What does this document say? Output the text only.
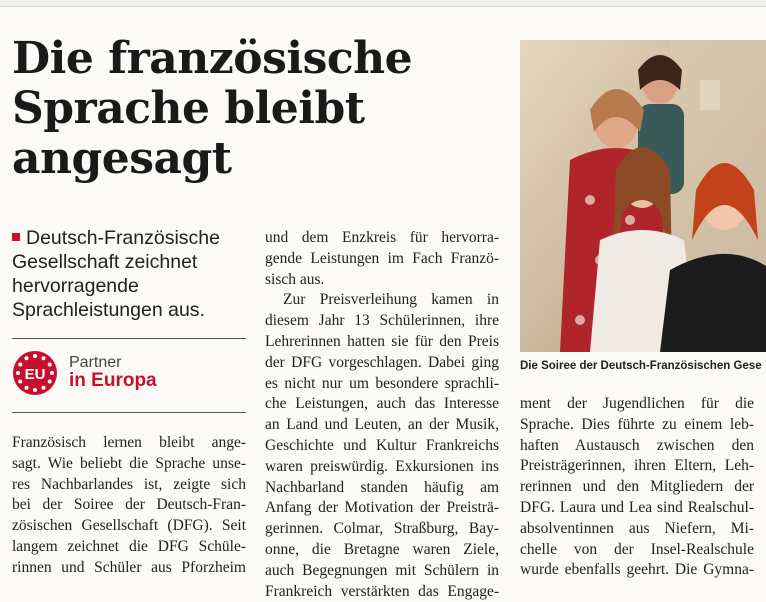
Die französische
Sprache bleibt
angesagt

Deutsch-Französische
Gesellschaft zeichnet
hervorragende
Sprachleistungen aus.

EU
Partner
in Europa
Französisch lernen bleibt ange-
sagt. Wie beliebt die Sprache unse-
res Nachbarlandes ist, zeigte sich
bei der Soiree der Deutsch-Fran-
zösischen Gesellschaft (DFG). Seit
langem zeichnet die DFG Schüle-
rinnen und Schüler aus Pforzheim
und dem Enzkreis für hervorra-
gende Leistungen im Fach Franzö-
sisch aus.
Zur Preisverleihung kamen in
diesem Jahr 13 Schülerinnen, ihre
Lehrerinnen hatten sie für den Preis
der DFG vorgeschlagen. Dabei ging
es nicht nur um besondere sprachli-
che Leistungen, auch das Interesse
an Land und Leuten, an der Musik,
Geschichte und Kultur Frankreichs
waren preiswürdig. Exkursionen ins
Nachbarland standen häufig am
Anfang der Motivation der Preisträ-
gerinnen. Colmar, Straßburg, Bay-
onne, die Bretagne waren Ziele,
auch Begegnungen mit Schülern in
Frankreich verstärkten das Engage-
Die Soiree der Deutsch-Französischen Gese
ment der Jugendlichen für die
Sprache. Dies führte zu einem leb-
haften Austausch zwischen den
Preisträgerinnen, ihren Eltern, Leh-
rerinnen und den Mitgliedern der
DFG. Laura und Lea sind Realschul-
absolventinnen aus Niefern, Mi-
chelle von der Insel-Realschule
wurde ebenfalls geehrt. Die Gymna-
